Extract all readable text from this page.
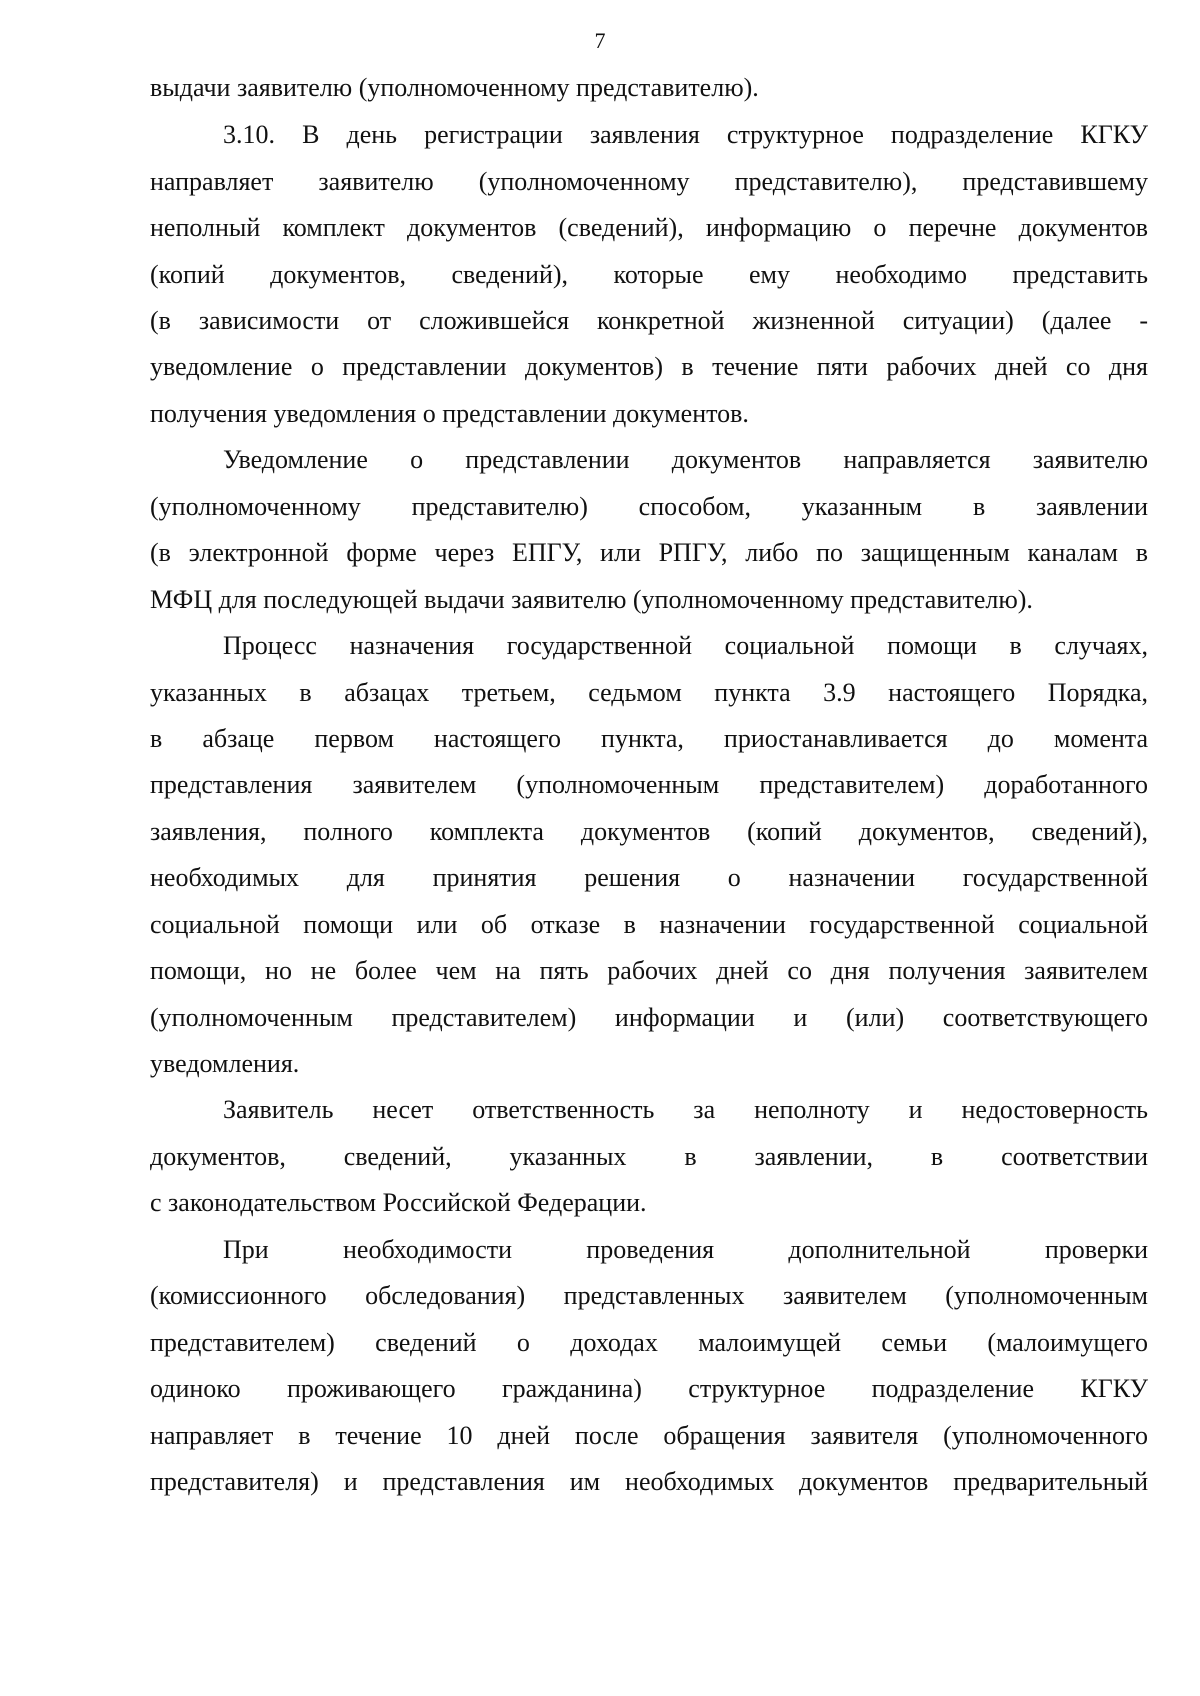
7
выдачи заявителю (уполномоченному представителю).
3.10. В день регистрации заявления структурное подразделение КГКУ
направляет заявителю (уполномоченному представителю), представившему
неполный комплект документов (сведений), информацию о перечне документов
(копий документов, сведений), которые ему необходимо представить
(в зависимости от сложившейся конкретной жизненной ситуации) (далее -
уведомление о представлении документов) в течение пяти рабочих дней со дня
получения уведомления о представлении документов.
Уведомление о представлении документов направляется заявителю
(уполномоченному представителю) способом, указанным в заявлении
(в электронной форме через ЕПГУ, или РПГУ, либо по защищенным каналам в
МФЦ для последующей выдачи заявителю (уполномоченному представителю).
Процесс назначения государственной социальной помощи в случаях,
указанных в абзацах третьем, седьмом пункта 3.9 настоящего Порядка,
в абзаце первом настоящего пункта, приостанавливается до момента
представления заявителем (уполномоченным представителем) доработанного
заявления, полного комплекта документов (копий документов, сведений),
необходимых для принятия решения о назначении государственной
социальной помощи или об отказе в назначении государственной социальной
помощи, но не более чем на пять рабочих дней со дня получения заявителем
(уполномоченным представителем) информации и (или) соответствующего
уведомления.
Заявитель несет ответственность за неполноту и недостоверность
документов, сведений, указанных в заявлении, в соответствии
с законодательством Российской Федерации.
При необходимости проведения дополнительной проверки
(комиссионного обследования) представленных заявителем (уполномоченным
представителем) сведений о доходах малоимущей семьи (малоимущего
одиноко проживающего гражданина) структурное подразделение КГКУ
направляет в течение 10 дней после обращения заявителя (уполномоченного
представителя) и представления им необходимых документов предварительный
